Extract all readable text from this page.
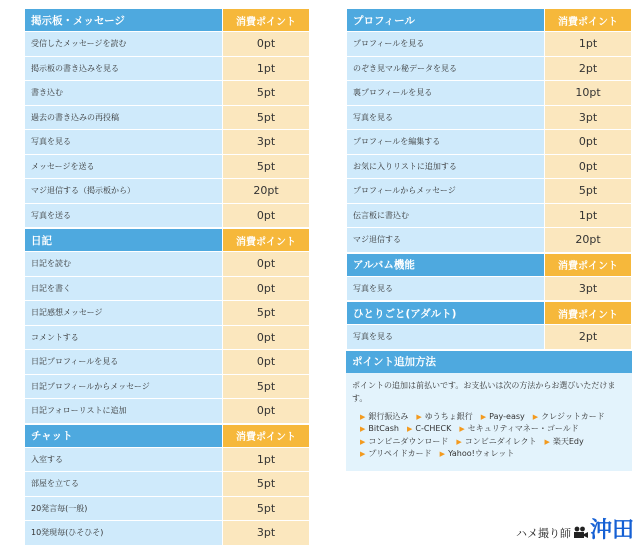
掲示板・メッセージ	消費ポイント
受信したメッセージを読む	0pt
掲示板の書き込みを見る	1pt
書き込む	5pt
過去の書き込みの再投稿	5pt
写真を見る	3pt
メッセージを送る	5pt
マジ退信する（掲示板から）	20pt
写真を送る	0pt
日記	消費ポイント
日記を読む	0pt
日記を書く	0pt
日記感想メッセージ	5pt
コメントする	0pt
日記プロフィールを見る	0pt
日記プロフィールからメッセージ	5pt
日記フォローリストに追加	0pt
チャット	消費ポイント
入室する	1pt
部屋を立てる	5pt
20発言毎(一般)	5pt
10発現毎(ひそひそ)	3pt
プロフィール	消費ポイント
プロフィールを見る	1pt
のぞき見マル秘データを見る	2pt
裏プロフィールを見る	10pt
写真を見る	3pt
プロフィールを編集する	0pt
お気に入りリストに追加する	0pt
プロフィールからメッセージ	5pt
伝言板に書込む	1pt
マジ退信する	20pt
アルバム機能	消費ポイント
写真を見る	3pt
ひとりごと(アダルト)	消費ポイント
写真を見る	2pt
ポイント追加方法
ポイントの追加は前払いです。お支払いは次の方法からお選びいただけます。
▶ 銀行振込み ▶ ゆうちょ銀行 ▶ Pay-easy ▶ クレジットカード▶ BitCash ▶ C-CHECK ▶ セキュリティマネー・ゴールド▶ コンビニダウンロード ▶ コンビニダイレクト ▶ 楽天Edy▶ プリペイドカード ▶ Yahoo!ウォレット
ハメ撮り師 沖田
